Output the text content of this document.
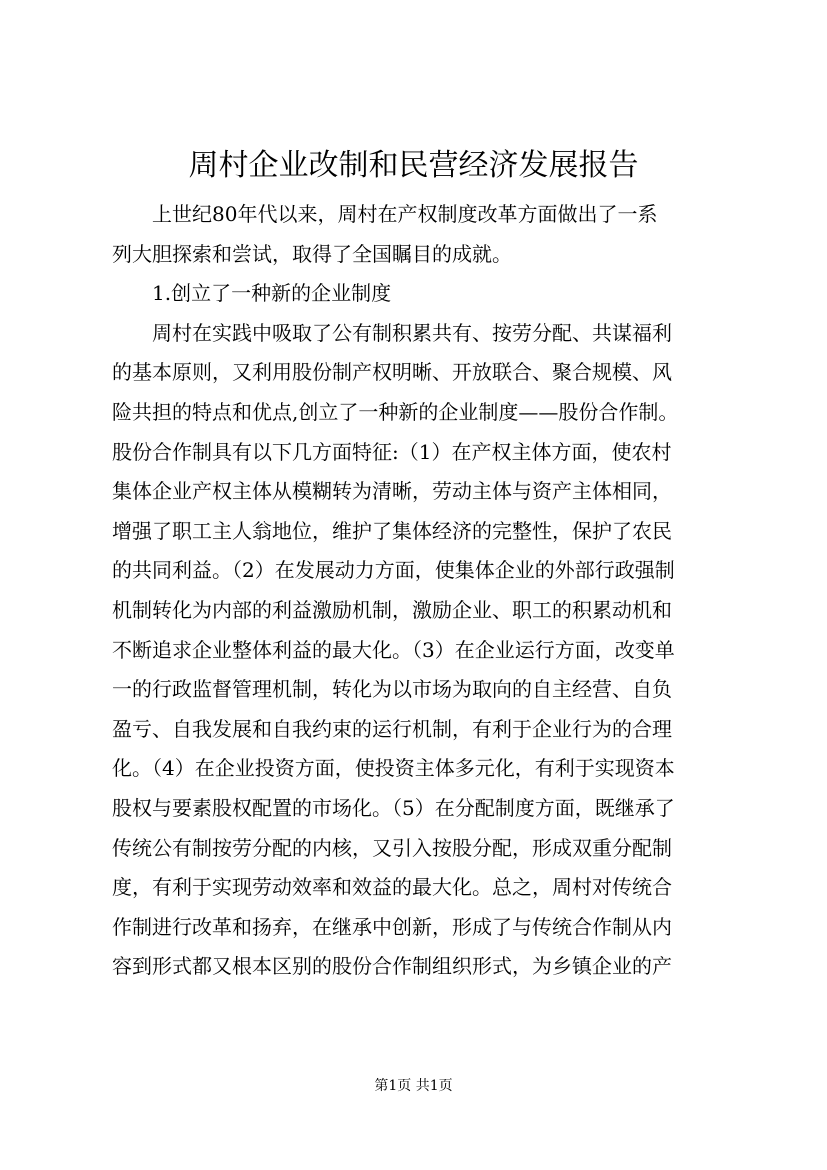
周村企业改制和民营经济发展报告
　　上世纪80年代以来，周村在产权制度改革方面做出了一系
列大胆探索和尝试，取得了全国瞩目的成就。
　　1.创立了一种新的企业制度
　　周村在实践中吸取了公有制积累共有、按劳分配、共谋福利
的基本原则，又利用股份制产权明晰、开放联合、聚合规模、风
险共担的特点和优点,创立了一种新的企业制度——股份合作制。
股份合作制具有以下几方面特征:（1）在产权主体方面，使农村
集体企业产权主体从模糊转为清晰，劳动主体与资产主体相同，
增强了职工主人翁地位，维护了集体经济的完整性，保护了农民
的共同利益。（2）在发展动力方面，使集体企业的外部行政强制
机制转化为内部的利益激励机制，激励企业、职工的积累动机和
不断追求企业整体利益的最大化。（3）在企业运行方面，改变单
一的行政监督管理机制，转化为以市场为取向的自主经营、自负
盈亏、自我发展和自我约束的运行机制，有利于企业行为的合理
化。（4）在企业投资方面，使投资主体多元化，有利于实现资本
股权与要素股权配置的市场化。（5）在分配制度方面，既继承了
传统公有制按劳分配的内核，又引入按股分配，形成双重分配制
度，有利于实现劳动效率和效益的最大化。总之，周村对传统合
作制进行改革和扬弃，在继承中创新，形成了与传统合作制从内
容到形式都又根本区别的股份合作制组织形式，为乡镇企业的产
第1页 共1页
